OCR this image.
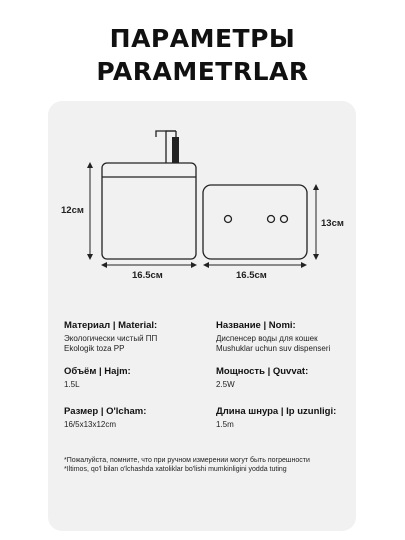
ПАРАМЕТРЫ
PARAMETRLAR
12см
16.5см	16.5см
13см
Материал | Material:
Экологически чистый ПП
Ekologik toza PP
Название | Nomi:
Диспенсер воды для кошек
Mushuklar uchun suv dispenseri
Объём | Hajm:
1.5L
Мощность | Quvvat:
2.5W
Размер | O'lcham:
16/5x13x12cm
Длина шнура | Ip uzunligi:
1.5m
*Пожалуйста, помните, что при ручном измерении могут быть погрешности
*Iltimos, qo'l bilan o'lchashda xatoliklar bo'lishi mumkinligini yodda tuting
